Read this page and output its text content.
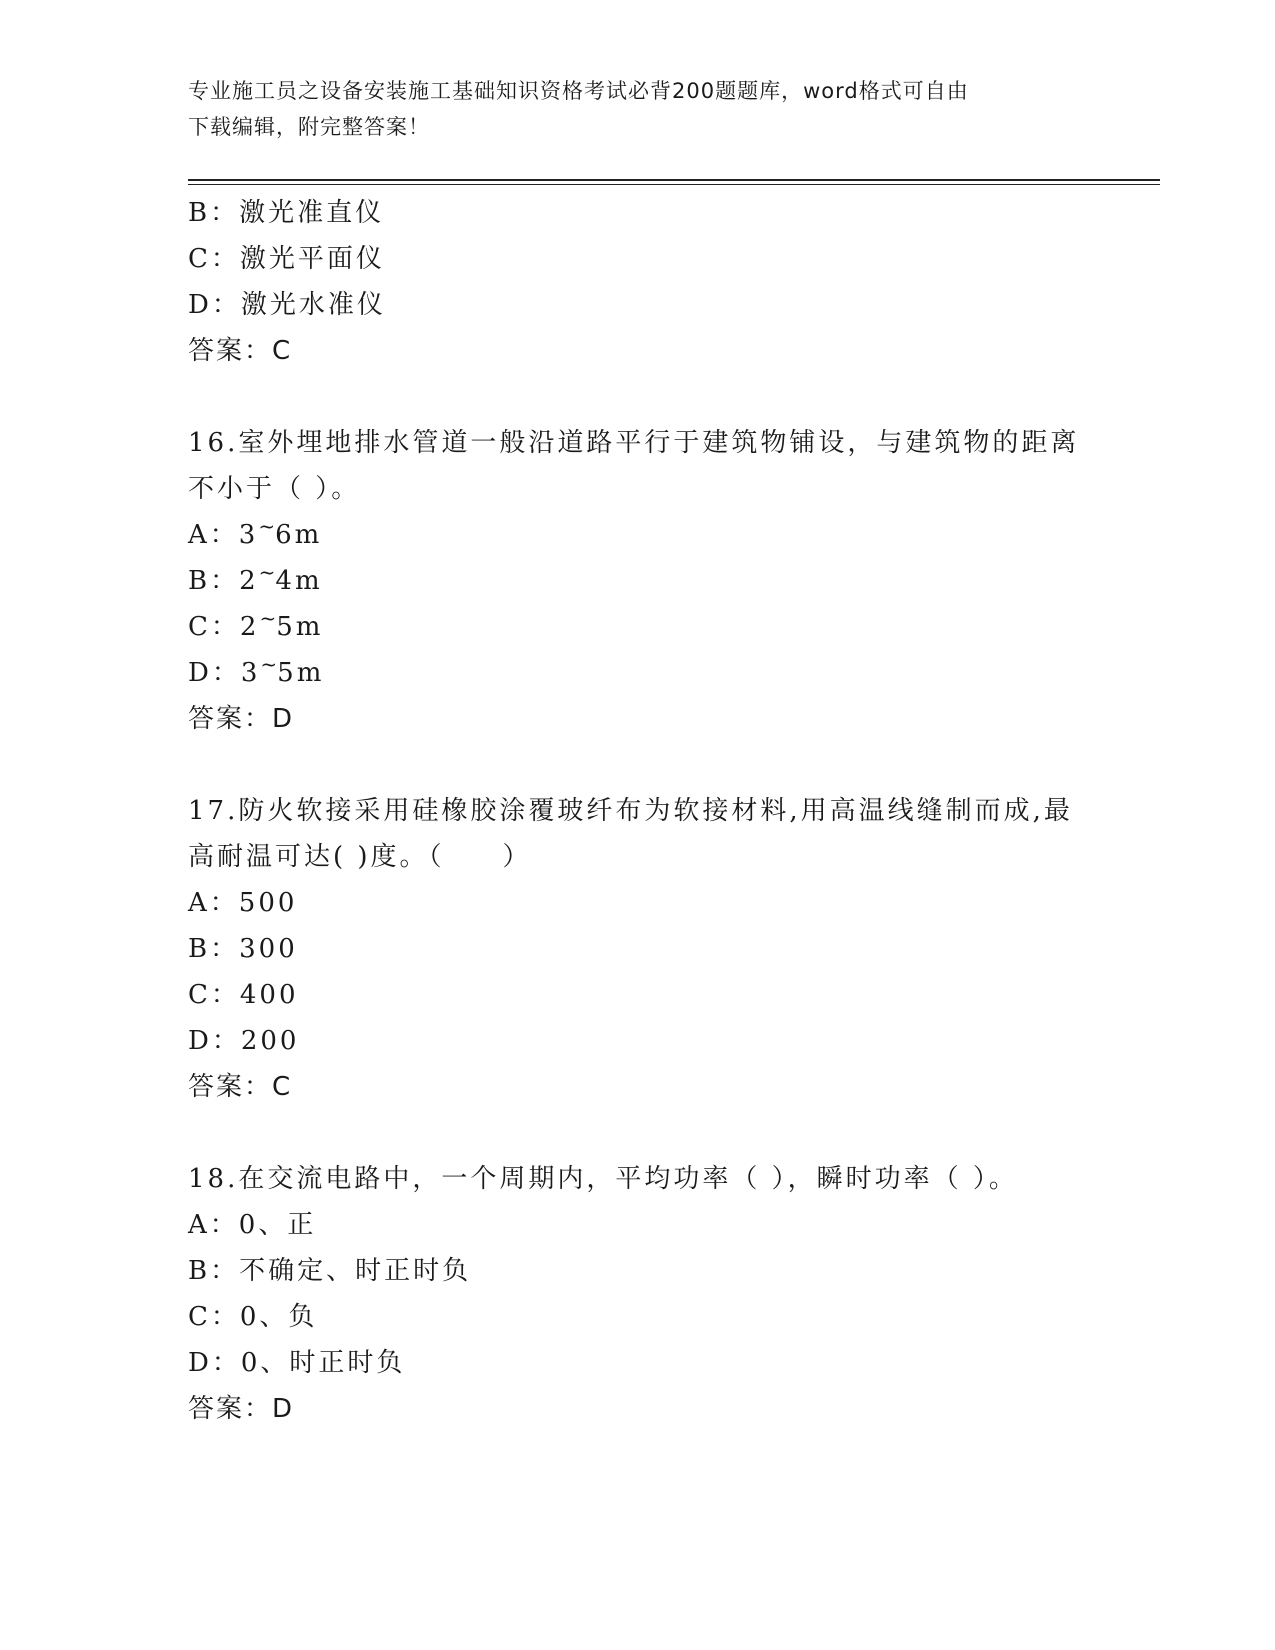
专业施工员之设备安装施工基础知识资格考试必背200题题库，word格式可自由
下载编辑，附完整答案！
B：激光准直仪
C：激光平面仪
D：激光水准仪
答案：C
16.室外埋地排水管道一般沿道路平行于建筑物铺设，与建筑物的距离
不小于（ ）。
A：3~6m
B：2~4m
C：2~5m
D：3~5m
答案：D
17.防火软接采用硅橡胶涂覆玻纤布为软接材料,用高温线缝制而成,最
高耐温可达( )度。（　　）
A：500
B：300
C：400
D：200
答案：C
18.在交流电路中，一个周期内，平均功率（ ），瞬时功率（ ）。
A：0、正
B：不确定、时正时负
C：0、负
D：0、时正时负
答案：D
